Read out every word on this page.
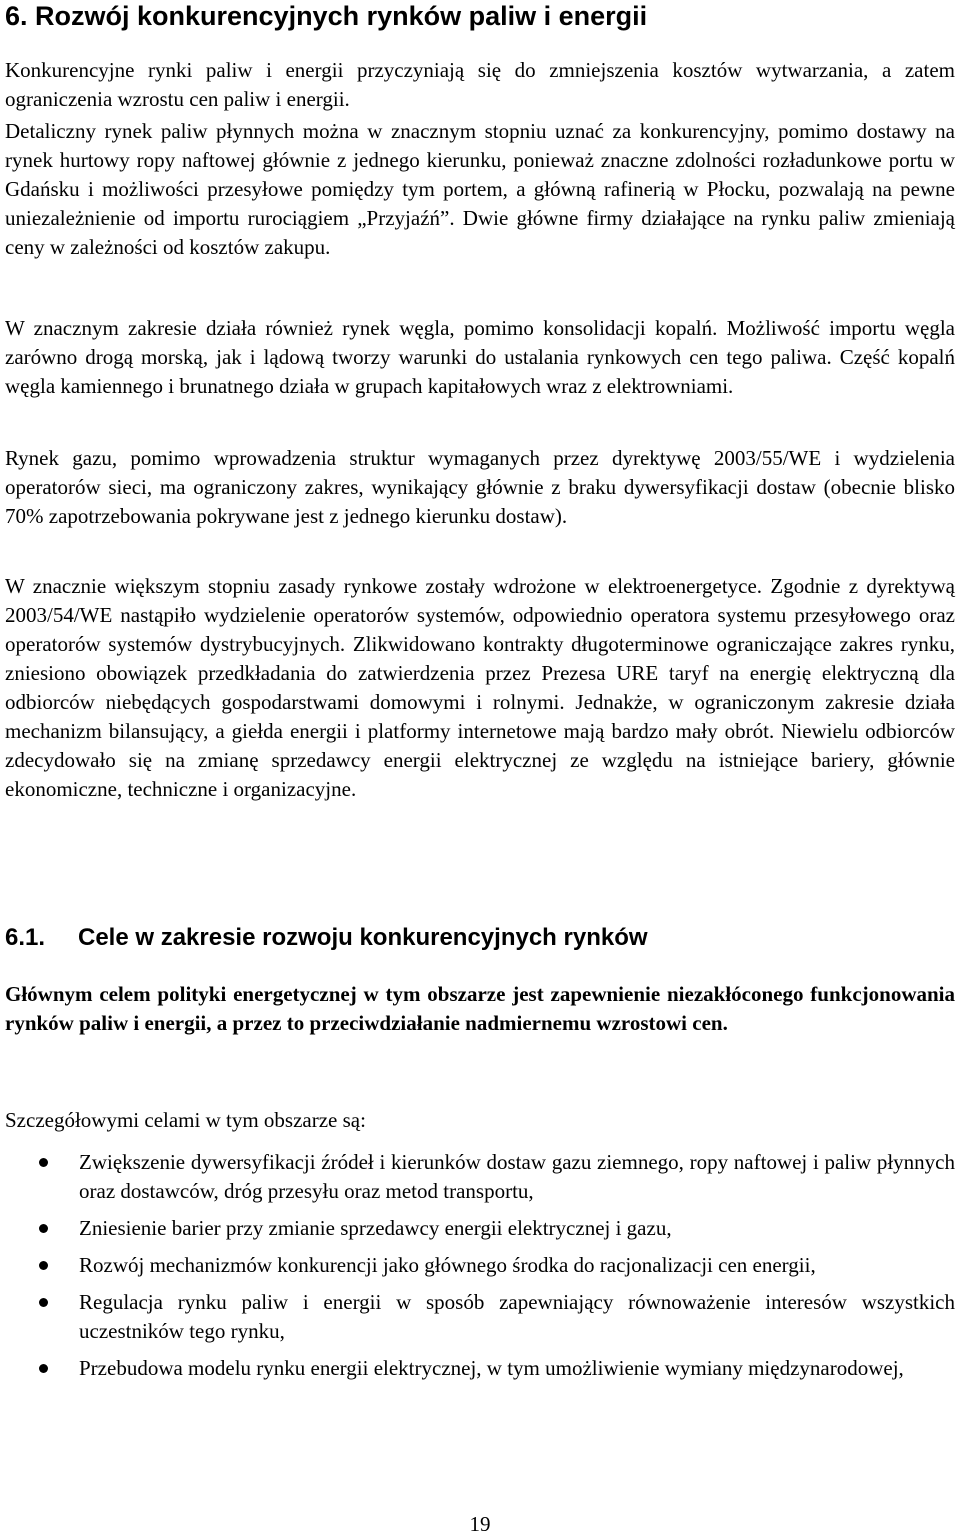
6. Rozwój konkurencyjnych rynków paliw i energii

Konkurencyjne rynki paliw i energii przyczyniają się do zmniejszenia kosztów wytwarzania, a zatem ograniczenia wzrostu cen paliw i energii.

Detaliczny rynek paliw płynnych można w znacznym stopniu uznać za konkurencyjny, pomimo dostawy na rynek hurtowy ropy naftowej głównie z jednego kierunku, ponieważ znaczne zdolności rozładunkowe portu w Gdańsku i możliwości przesyłowe pomiędzy tym portem, a główną rafinerią w Płocku, pozwalają na pewne uniezależnienie od importu rurociągiem „Przyjaźń”. Dwie główne firmy działające na rynku paliw zmieniają ceny w zależności od kosztów zakupu.

W znacznym zakresie działa również rynek węgla, pomimo konsolidacji kopalń. Możliwość importu węgla zarówno drogą morską, jak i lądową tworzy warunki do ustalania rynkowych cen tego paliwa. Część kopalń węgla kamiennego i brunatnego działa w grupach kapitałowych wraz z elektrowniami.

Rynek gazu, pomimo wprowadzenia struktur wymaganych przez dyrektywę 2003/55/WE i wydzielenia operatorów sieci, ma ograniczony zakres, wynikający głównie z braku dywersyfikacji dostaw (obecnie blisko 70% zapotrzebowania pokrywane jest z jednego kierunku dostaw).

W znacznie większym stopniu zasady rynkowe zostały wdrożone w elektroenergetyce. Zgodnie z dyrektywą 2003/54/WE nastąpiło wydzielenie operatorów systemów, odpowiednio operatora systemu przesyłowego oraz operatorów systemów dystrybucyjnych. Zlikwidowano kontrakty długoterminowe ograniczające zakres rynku, zniesiono obowiązek przedkładania do zatwierdzenia przez Prezesa URE taryf na energię elektryczną dla odbiorców niebędących gospodarstwami domowymi i rolnymi. Jednakże, w ograniczonym zakresie działa mechanizm bilansujący, a giełda energii i platformy internetowe mają bardzo mały obrót. Niewielu odbiorców zdecydowało się na zmianę sprzedawcy energii elektrycznej ze względu na istniejące bariery, głównie ekonomiczne, techniczne i organizacyjne.

6.1. Cele w zakresie rozwoju konkurencyjnych rynków

Głównym celem polityki energetycznej w tym obszarze jest zapewnienie niezakłóconego funkcjonowania rynków paliw i energii, a przez to przeciwdziałanie nadmiernemu wzrostowi cen.

Szczegółowymi celami w tym obszarze są:

Zwiększenie dywersyfikacji źródeł i kierunków dostaw gazu ziemnego, ropy naftowej i paliw płynnych oraz dostawców, dróg przesyłu oraz metod transportu,
Zniesienie barier przy zmianie sprzedawcy energii elektrycznej i gazu,
Rozwój mechanizmów konkurencji jako głównego środka do racjonalizacji cen energii,
Regulacja rynku paliw i energii w sposób zapewniający równoważenie interesów wszystkich uczestników tego rynku,
Przebudowa modelu rynku energii elektrycznej, w tym umożliwienie wymiany międzynarodowej,

19
